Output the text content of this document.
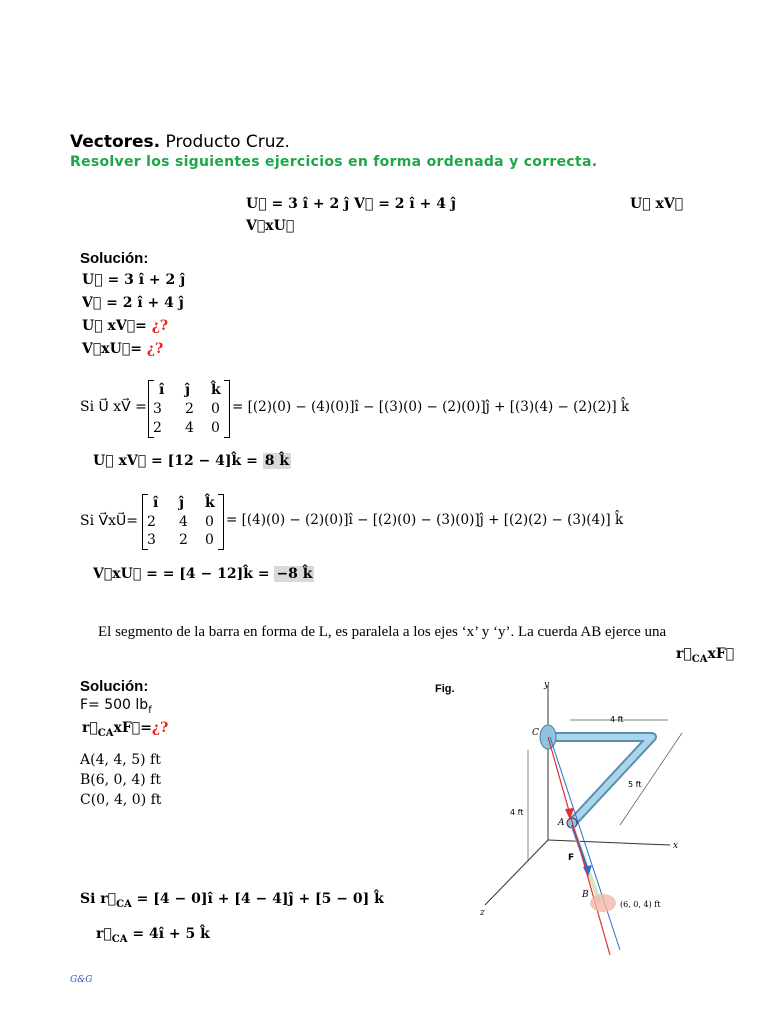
Vectores. Producto Cruz.
Resolver los siguientes ejercicios en forma ordenada y correcta.
U⃗ = 3 î + 2 ĵ V⃗ = 2 î + 4 ĵ	U⃗ xV⃗
V⃗xU⃗
Solución:
U⃗ = 3 î + 2 ĵ
V⃗ = 2 î + 4 ĵ
U⃗ xV⃗= ¿?
V⃗xU⃗= ¿?
Si U⃗ xV⃗ =
î ĵ k̂
3 2 0
2 4 0
= [(2)(0) − (4)(0)]î − [(3)(0) − (2)(0)]ĵ + [(3)(4) − (2)(2)] k̂
U⃗ xV⃗ = [12 − 4]k̂ = 8 k̂
Si V⃗xU⃗=
î ĵ k̂
2 4 0
3 2 0
= [(4)(0) − (2)(0)]î − [(2)(0) − (3)(0)]ĵ + [(2)(2) − (3)(4)] k̂
V⃗xU⃗ = = [4 − 12]k̂ = −8 k̂
El segmento de la barra en forma de L, es paralela a los ejes ‘x’ y ‘y’. La cuerda AB ejerce una
$r⃗_{CA}xF⃗$
Solución:	Fig.
F= 500 $lb_f$
$r⃗_{CA}xF⃗=¿$?
A(4, 4, 5) ft
B(6, 0, 4) ft
C(0, 4, 0) ft
Si $r⃗_{CA} = [4$ − 0]î + [4 − 4]ĵ + [5 − 0] k̂
$r⃗_{CA}$ = 4î + 5 k̂
y
x
z
4 ft
5 ft
4 ft
C
A
F
B
(6, 0, 4) ft
G&G
